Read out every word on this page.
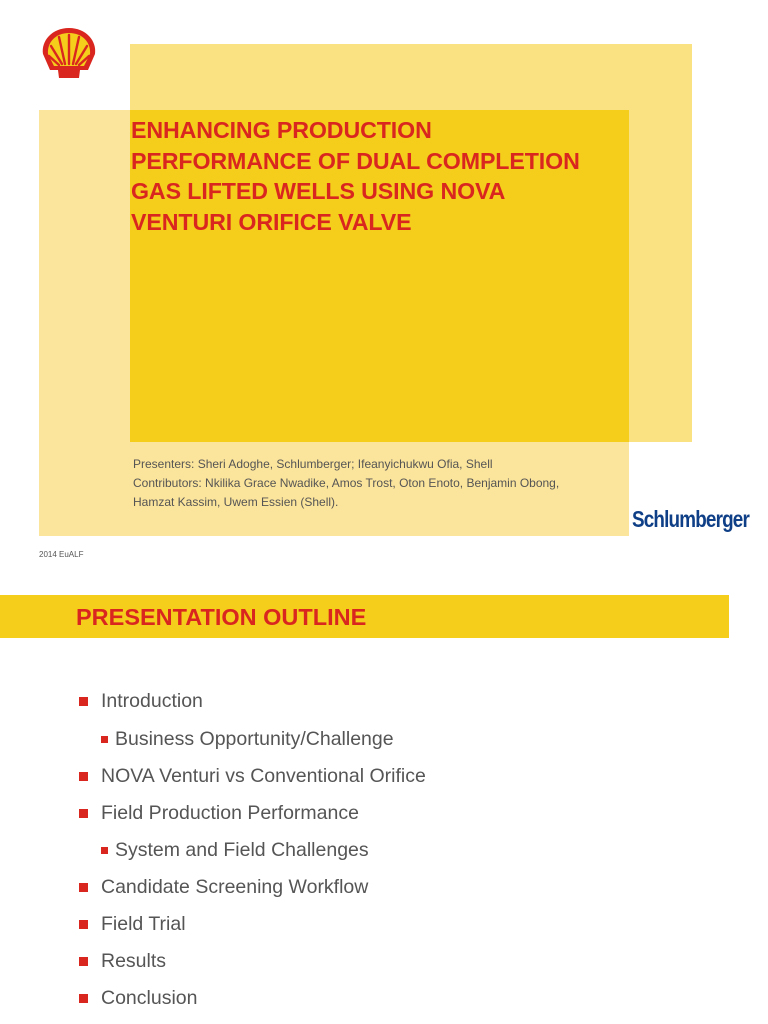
ENHANCING PRODUCTION
PERFORMANCE OF DUAL COMPLETION
GAS LIFTED WELLS USING NOVA
VENTURI ORIFICE VALVE
Presenters: Sheri Adoghe, Schlumberger; Ifeanyichukwu Ofia, Shell
Contributors: Nkilika Grace Nwadike, Amos Trost, Oton Enoto, Benjamin Obong,
Hamzat Kassim, Uwem Essien (Shell).
Schlumberger
2014 EuALF
PRESENTATION OUTLINE
Introduction
Business Opportunity/Challenge
NOVA Venturi vs Conventional Orifice
Field Production Performance
System and Field Challenges
Candidate Screening Workflow
Field Trial
Results
Conclusion
